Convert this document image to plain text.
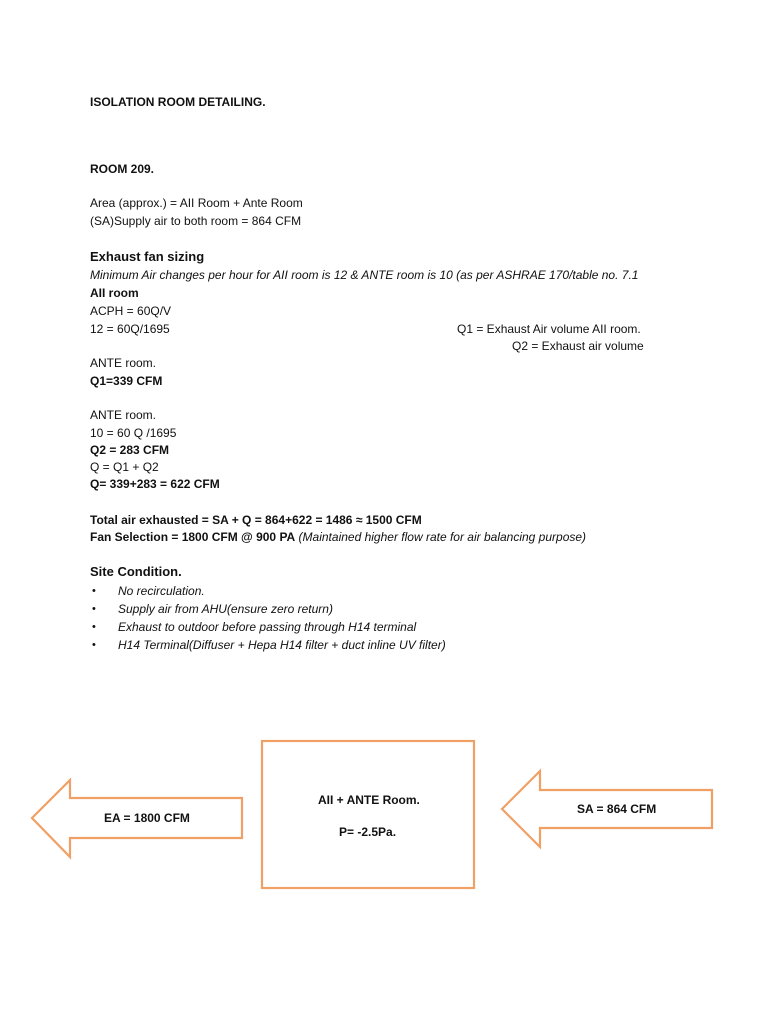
ISOLATION ROOM DETAILING.
ROOM 209.
Area (approx.) = AII Room + Ante Room
(SA)Supply air to both room = 864 CFM
Exhaust fan sizing
Minimum Air changes per hour for AII room is 12 & ANTE room is 10 (as per ASHRAE 170/table no. 7.1
AII room
ACPH = 60Q/V
12 = 60Q/1695	Q1 = Exhaust Air volume AII room.
Q2 = Exhaust air volume
ANTE room.
Q1=339 CFM
ANTE room.
10 = 60 Q /1695
Q2 = 283 CFM
Q = Q1 + Q2
Q= 339+283 = 622 CFM
Total air exhausted = SA + Q = 864+622 = 1486 ≈ 1500 CFM
Fan Selection = 1800 CFM @ 900 PA (Maintained higher flow rate for air balancing purpose)
Site Condition.
• No recirculation.
• Supply air from AHU(ensure zero return)
• Exhaust to outdoor before passing through H14 terminal
• H14 Terminal(Diffuser + Hepa H14 filter + duct inline UV filter)
EA = 1800 CFM
AII + ANTE Room.
P= -2.5Pa.
SA = 864 CFM
